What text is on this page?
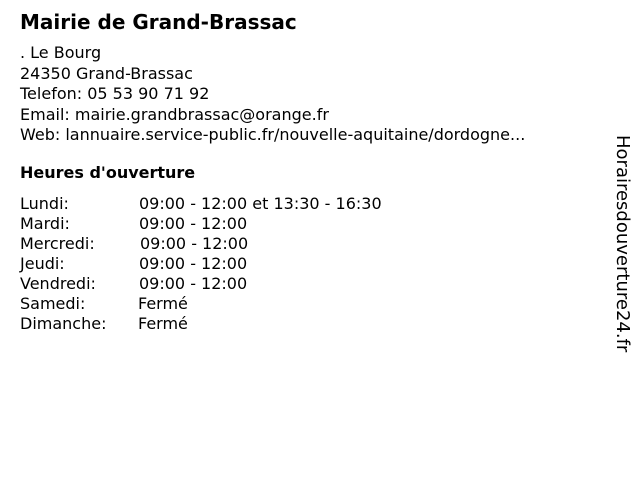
Mairie de Grand-Brassac
. Le Bourg
24350 Grand-Brassac
Telefon: 05 53 90 71 92
Email: mairie.grandbrassac@orange.fr
Web: lannuaire.service-public.fr/nouvelle-aquitaine/dordogne...
Heures d'ouverture
Lundi:	09:00 - 12:00 et 13:30 - 16:30
Mardi:	09:00 - 12:00
Mercredi:	09:00 - 12:00
Jeudi:	09:00 - 12:00
Vendredi:	09:00 - 12:00
Samedi:	Fermé
Dimanche: Fermé	Horairesdouverture24.fr
